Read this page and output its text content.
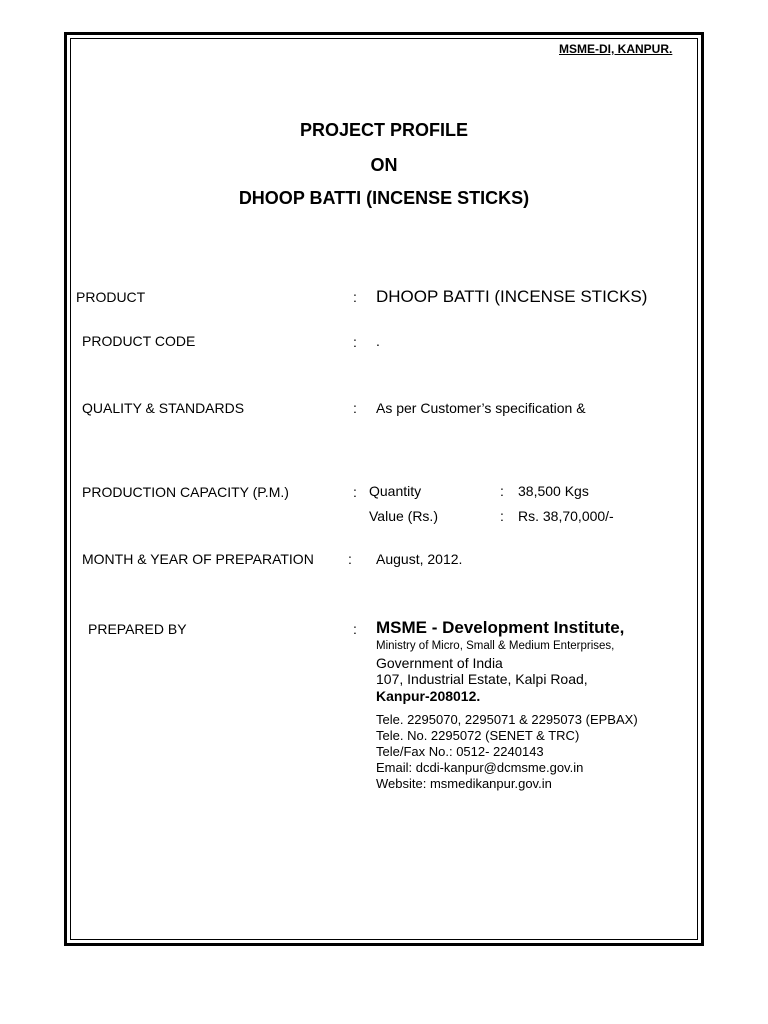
MSME-DI, KANPUR.
PROJECT PROFILE
ON
DHOOP BATTI (INCENSE STICKS)
PRODUCT	: DHOOP BATTI (INCENSE STICKS)
PRODUCT CODE	: .
QUALITY & STANDARDS	: As per Customer’s specification &
PRODUCTION CAPACITY (P.M.)	: Quantity	: 38,500 Kgs
Value (Rs.)	: Rs. 38,70,000/-
MONTH & YEAR OF PREPARATION : August, 2012.
PREPARED BY	: MSME - Development Institute,
Ministry of Micro, Small & Medium Enterprises,
Government of India
107, Industrial Estate, Kalpi Road,
Kanpur-208012.
Tele. 2295070, 2295071 & 2295073 (EPBAX)
Tele. No. 2295072 (SENET & TRC)
Tele/Fax No.: 0512- 2240143
Email: dcdi-kanpur@dcmsme.gov.in
Website: msmedikanpur.gov.in
